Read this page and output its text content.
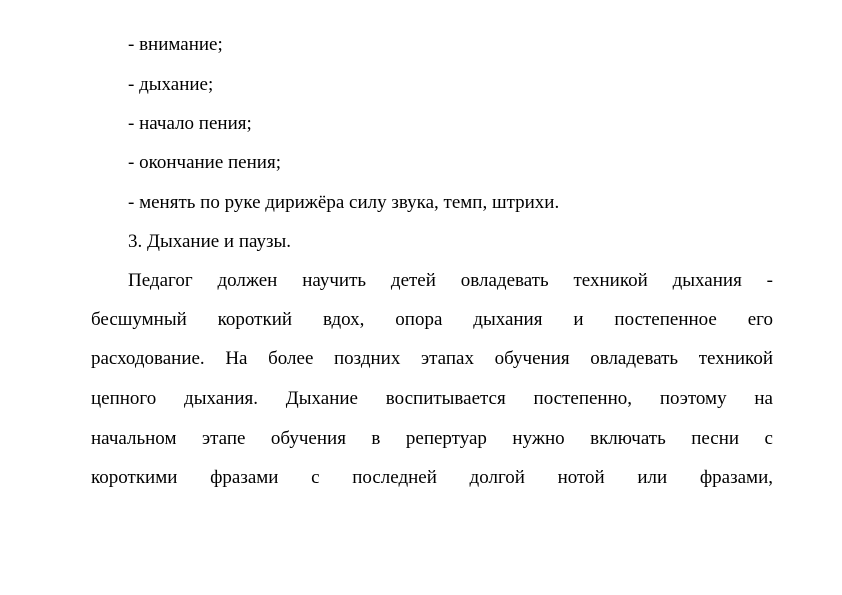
- внимание;
- дыхание;
- начало пения;
- окончание пения;
- менять по руке дирижёра силу звука, темп, штрихи.
3. Дыхание и паузы.
Педагог должен научить детей овладевать техникой дыхания -
бесшумный короткий вдох, опора дыхания и постепенное его
расходование. На более поздних этапах обучения овладевать техникой
цепного дыхания. Дыхание воспитывается постепенно, поэтому на
начальном этапе обучения в репертуар нужно включать песни с
короткими фразами с последней долгой нотой или фразами,
